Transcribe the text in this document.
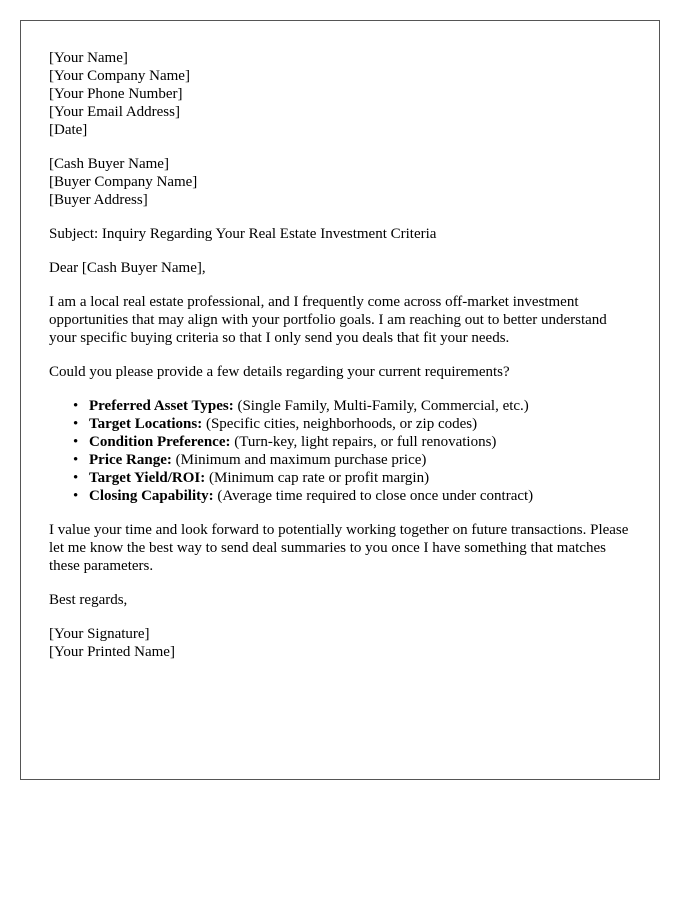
[Your Name]
[Your Company Name]
[Your Phone Number]
[Your Email Address]
[Date]
[Cash Buyer Name]
[Buyer Company Name]
[Buyer Address]

Subject: Inquiry Regarding Your Real Estate Investment Criteria

Dear [Cash Buyer Name],

I am a local real estate professional, and I frequently come across off-market investment opportunities that may align with your portfolio goals. I am reaching out to better understand your specific buying criteria so that I only send you deals that fit your needs.

Could you please provide a few details regarding your current requirements?

• Preferred Asset Types: (Single Family, Multi-Family, Commercial, etc.)
• Target Locations: (Specific cities, neighborhoods, or zip codes)
• Condition Preference: (Turn-key, light repairs, or full renovations)
• Price Range: (Minimum and maximum purchase price)
• Target Yield/ROI: (Minimum cap rate or profit margin)
• Closing Capability: (Average time required to close once under contract)

I value your time and look forward to potentially working together on future transactions. Please let me know the best way to send deal summaries to you once I have something that matches these parameters.

Best regards,

[Your Signature]
[Your Printed Name]
